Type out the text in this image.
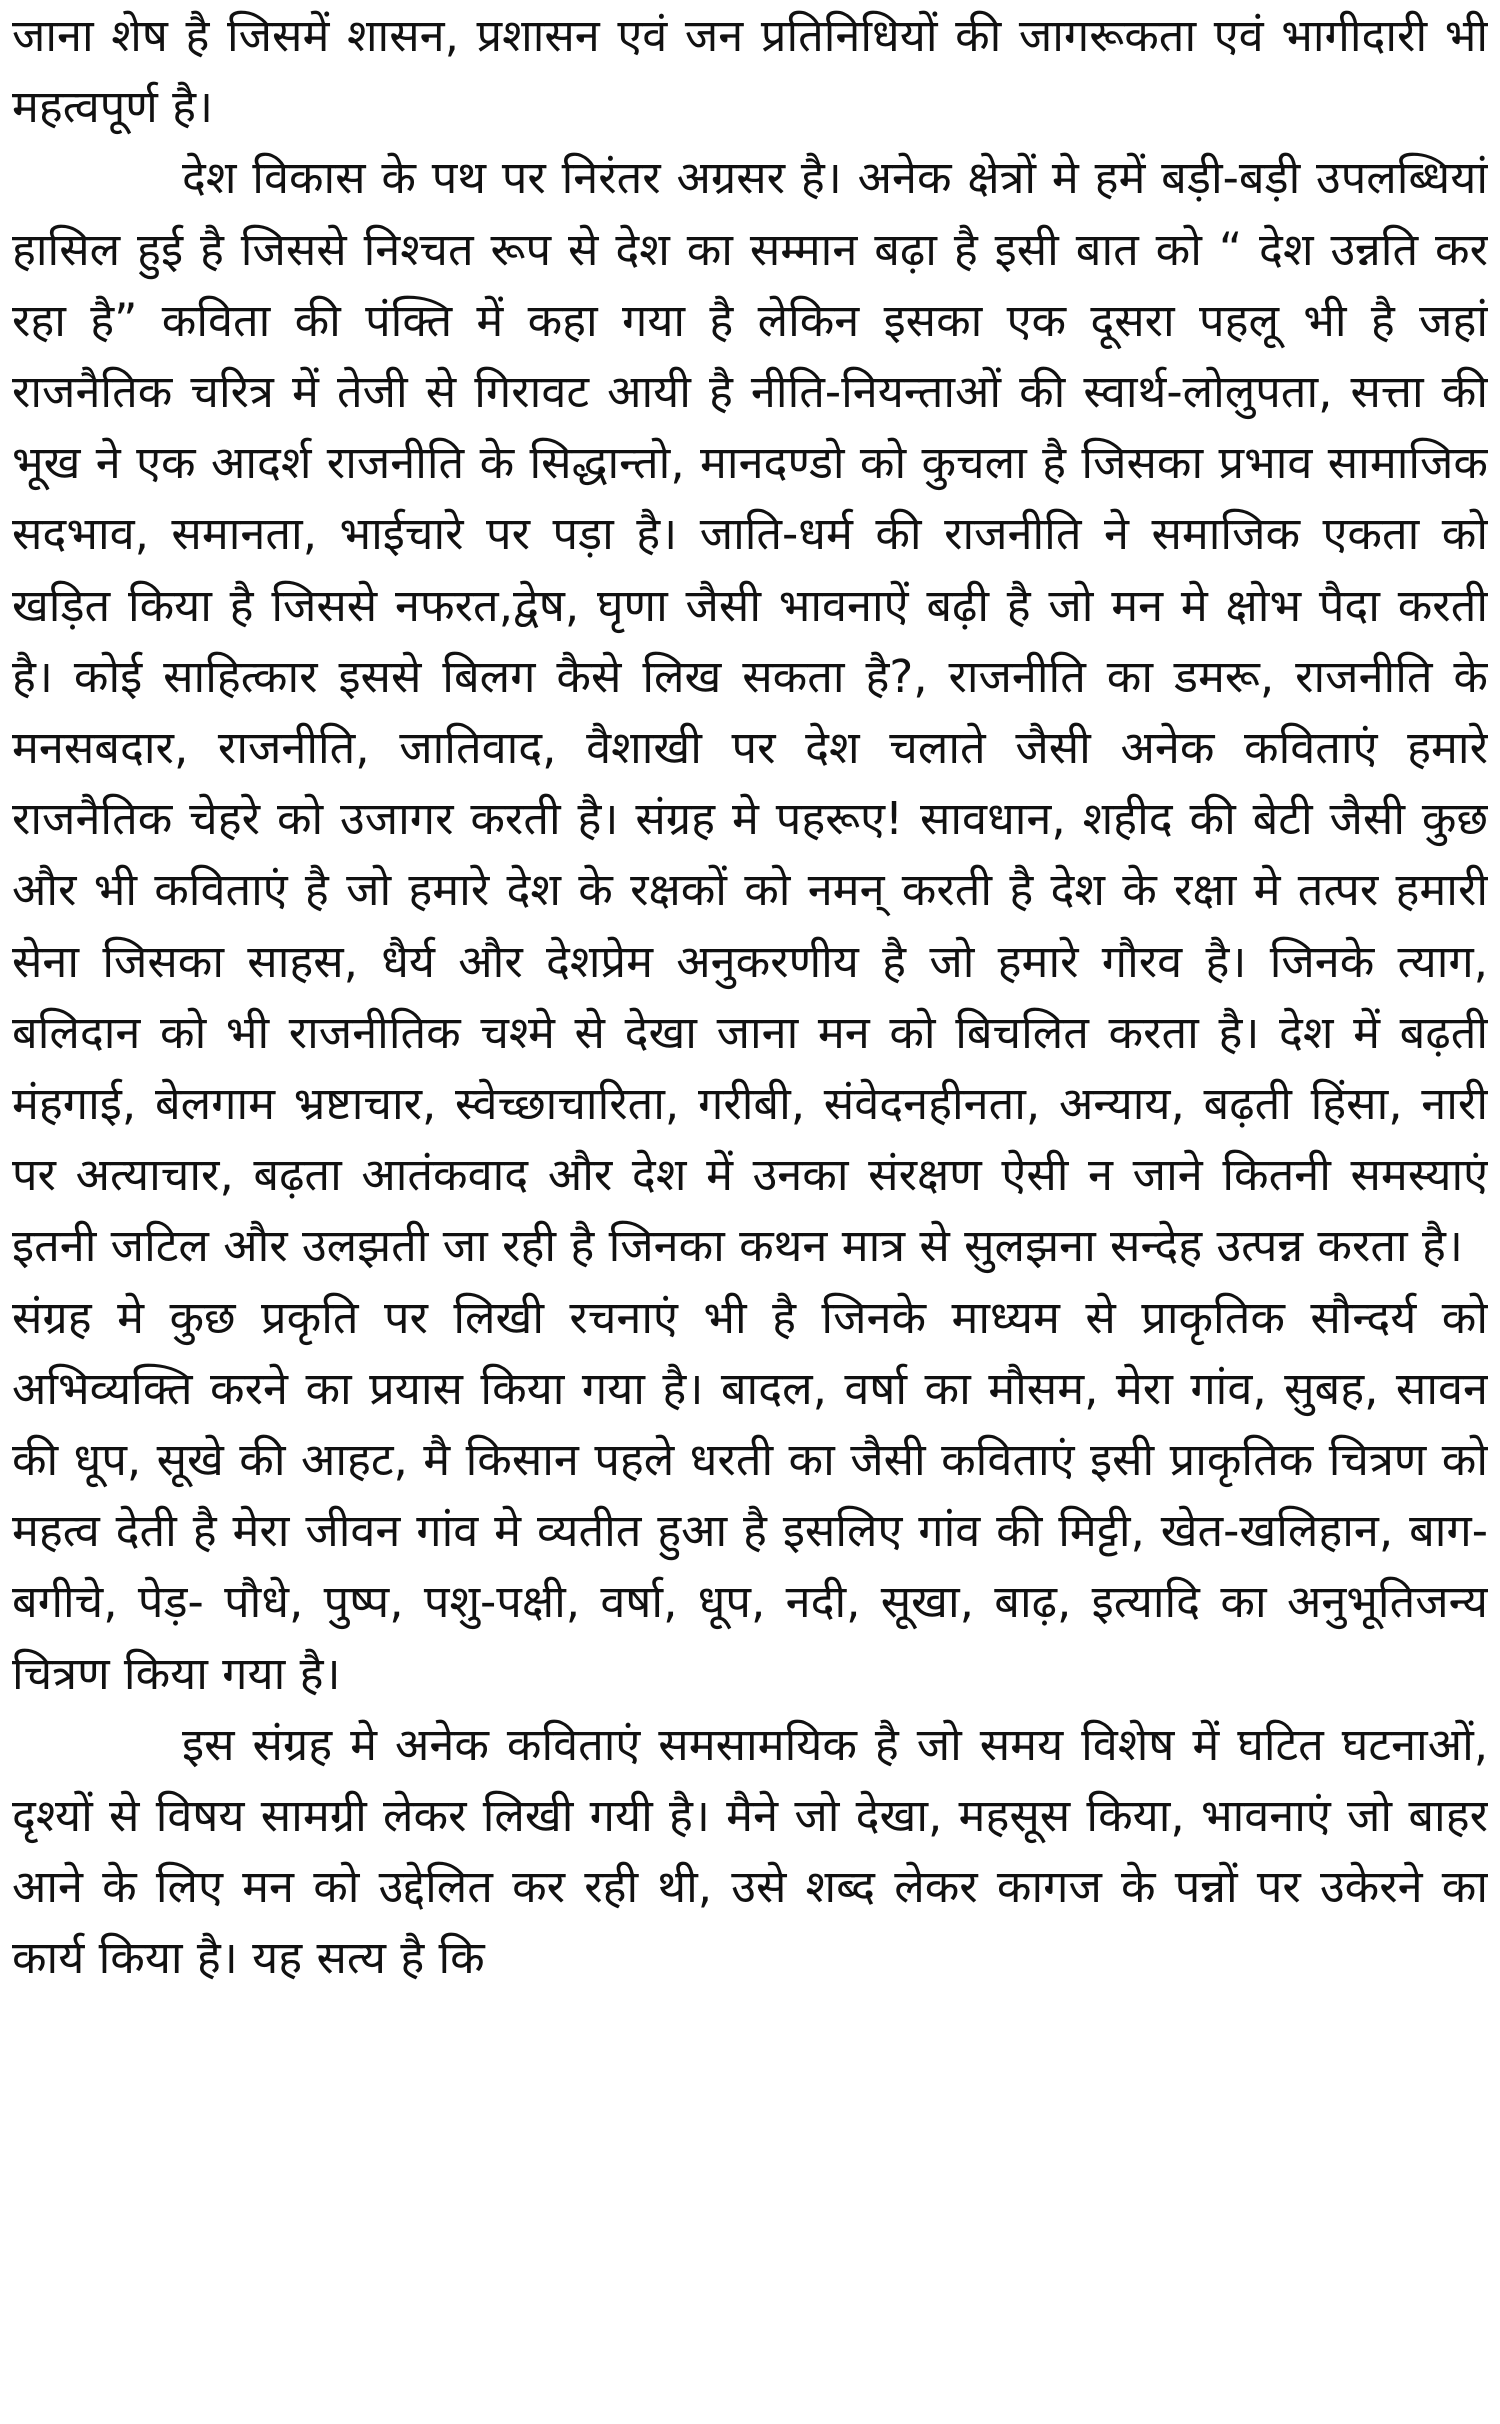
जाना शेष है जिसमें शासन, प्रशासन एवं जन प्रतिनिधियों की जागरूकता एवं भागीदारी भी महत्वपूर्ण है।

देश विकास के पथ पर निरंतर अग्रसर है। अनेक क्षेत्रों मे हमें बड़ी-बड़ी उपलब्धियां हासिल हुई है जिससे निश्चत रूप से देश का सम्मान बढ़ा है इसी बात को “ देश उन्नति कर रहा है” कविता की पंक्ति में कहा गया है लेकिन इसका एक दूसरा पहलू भी है जहां राजनैतिक चरित्र में तेजी से गिरावट आयी है नीति-नियन्ताओं की स्वार्थ-लोलुपता, सत्ता की भूख ने एक आदर्श राजनीति के सिद्धान्तो, मानदण्डो को कुचला है जिसका प्रभाव सामाजिक सदभाव, समानता, भाईचारे पर पड़ा है। जाति-धर्म की राजनीति ने समाजिक एकता को खड़ित किया है जिससे नफरत,द्वेष, घृणा जैसी भावनाऐं बढ़ी है जो मन मे क्षोभ पैदा करती है। कोई साहित्कार इससे बिलग कैसे लिख सकता है?, राजनीति का डमरू, राजनीति के मनसबदार, राजनीति, जातिवाद, वैशाखी पर देश चलाते जैसी अनेक कविताएं हमारे राजनैतिक चेहरे को उजागर करती है। संग्रह मे पहरूए! सावधान, शहीद की बेटी जैसी कुछ और भी कविताएं है जो हमारे देश के रक्षकों को नमन् करती है देश के रक्षा मे तत्पर हमारी सेना जिसका साहस, धैर्य और देशप्रेम अनुकरणीय है जो हमारे गौरव है। जिनके त्याग, बलिदान को भी राजनीतिक चश्मे से देखा जाना मन को बिचलित करता है। देश में बढ़ती मंहगाई, बेलगाम भ्रष्टाचार, स्वेच्छाचारिता, गरीबी, संवेदनहीनता, अन्याय, बढ़ती हिंसा, नारी पर अत्याचार, बढ़ता आतंकवाद और देश में उनका संरक्षण ऐसी न जाने कितनी समस्याएं इतनी जटिल और उलझती जा रही है जिनका कथन मात्र से सुलझना सन्देह उत्पन्न करता है।

संग्रह मे कुछ प्रकृति पर लिखी रचनाएं भी है जिनके माध्यम से प्राकृतिक सौन्दर्य को अभिव्यक्ति करने का प्रयास किया गया है। बादल, वर्षा का मौसम, मेरा गांव, सुबह, सावन की धूप, सूखे की आहट, मै किसान पहले धरती का जैसी कविताएं इसी प्राकृतिक चित्रण को महत्व देती है मेरा जीवन गांव मे व्यतीत हुआ है इसलिए गांव की मिट्टी, खेत-खलिहान, बाग-बगीचे, पेड़- पौधे, पुष्प, पशु-पक्षी, वर्षा, धूप, नदी, सूखा, बाढ़, इत्यादि का अनुभूतिजन्य चित्रण किया गया है।

इस संग्रह मे अनेक कविताएं समसामयिक है जो समय विशेष में घटित घटनाओं, दृश्यों से विषय सामग्री लेकर लिखी गयी है। मैने जो देखा, महसूस किया, भावनाएं जो बाहर आने के लिए मन को उद्देलित कर रही थी, उसे शब्द लेकर कागज के पन्नों पर उकेरने का कार्य किया है। यह सत्य है कि
